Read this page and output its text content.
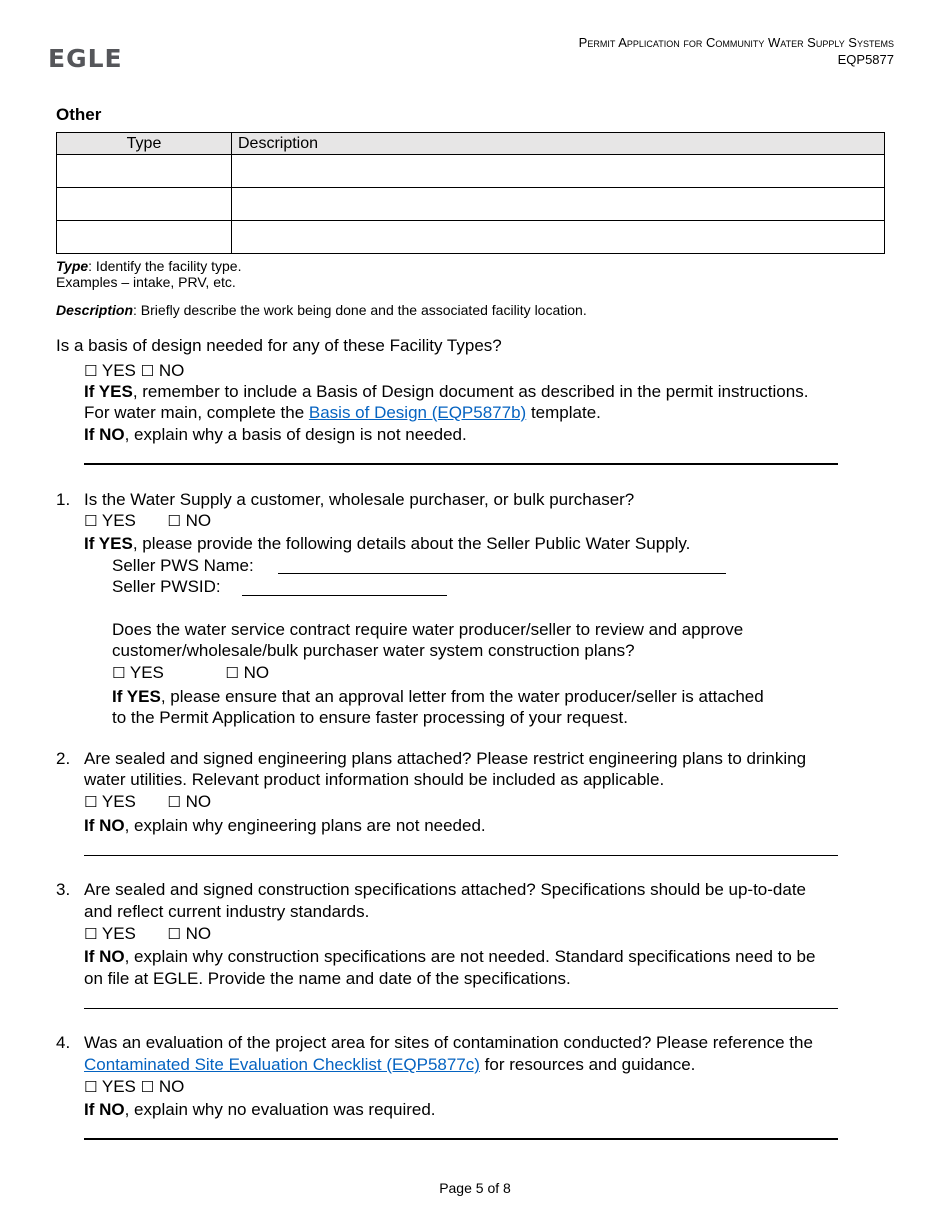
EGLE
Permit Application for Community Water Supply Systems
EQP5877
Other
Type	Description

Type: Identify the facility type.
Examples – intake, PRV, etc.
Description: Briefly describe the work being done and the associated facility location.
Is a basis of design needed for any of these Facility Types?
☐ YES ☐ NO
If YES, remember to include a Basis of Design document as described in the permit instructions.
For water main, complete the Basis of Design (EQP5877b) template.
If NO, explain why a basis of design is not needed.
1. Is the Water Supply a customer, wholesale purchaser, or bulk purchaser?
☐ YES ☐ NO
If YES, please provide the following details about the Seller Public Water Supply.
Seller PWS Name:
Seller PWSID:
Does the water service contract require water producer/seller to review and approve
customer/wholesale/bulk purchaser water system construction plans?
☐ YES	☐ NO
If YES, please ensure that an approval letter from the water producer/seller is attached
to the Permit Application to ensure faster processing of your request.
2. Are sealed and signed engineering plans attached? Please restrict engineering plans to drinking
water utilities. Relevant product information should be included as applicable.
☐ YES ☐ NO
If NO, explain why engineering plans are not needed.
3. Are sealed and signed construction specifications attached? Specifications should be up-to-date
and reflect current industry standards.
☐ YES ☐ NO
If NO, explain why construction specifications are not needed. Standard specifications need to be
on file at EGLE. Provide the name and date of the specifications.
4. Was an evaluation of the project area for sites of contamination conducted? Please reference the
Contaminated Site Evaluation Checklist (EQP5877c) for resources and guidance.
☐ YES ☐ NO
If NO, explain why no evaluation was required.
Page 5 of 8
